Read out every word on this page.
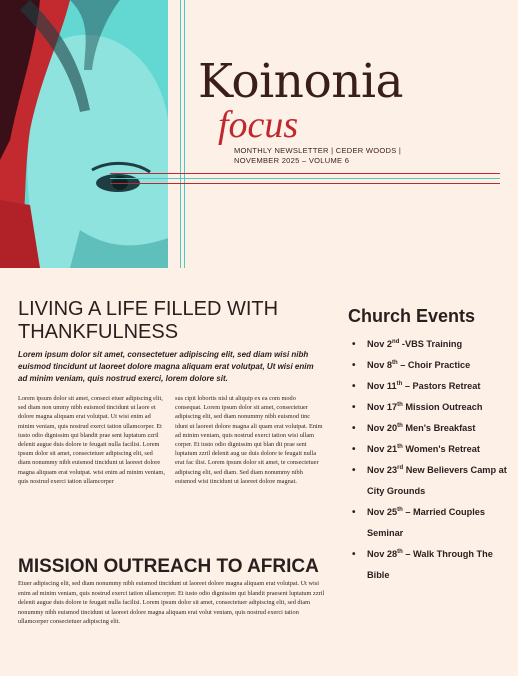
Koinonia
focus
MONTHLY NEWSLETTER | CEDER WOODS |
NOVEMBER 2025 – VOLUME 6
LIVING A LIFE FILLED WITH
THANKFULNESS

Lorem ipsum dolor sit amet, consectetuer adipiscing elit, sed diam wisi nibh euismod tincidunt ut laoreet dolore magna aliquam erat volutpat, Ut wisi enim ad minim veniam, quis nostrud exerci, lorem dolore sit.

Lorem ipsum dolor sit amet, consect etuer adipiscing elit, sed diam non ummy nibh euismod tincidunt ut laore et dolore magna aliquam erat volutpat. Ut wisi enim ad minim veniam, quis nostrud exerci tation ullamcorper. Et iusto odio dignissim qui blandit prae sent luptatum zzril delenit augue duis dolore te feugait nulla facilisi. Lorem ipsum dolor sit amet, consectetuer adipiscing elit, sed diam nonummy nibh euismod tincidunt ut laoreet dolore magna aliquam erat volutpat. wisi enim ad minim veniam, quis nostrud exerci tation ullamcorper

sus cipit lobortis nisl ut aliquip ex ea com modo consequat. Lorem ipsum dolor sit amet, consectetuer adipiscing elit, sed diam nonummy nibh euismod tinc idunt ut laoreet dolore magna ali quam erat volutpat. Enim ad minim veniam, quis nostrud exerci tation wisi ullam corper. Et iusto odio dignissim qui blan dit prae sent luptatum zzril delenit aug ue duis dolore te feugait nulla erat fac ilisi. Lorem ipsum dolor sit amet, te consectetuer adipiscing elit, sed diam. Sed diam nonummy nibh euismod wisi tincidunt ut laoreet dolore magnat.

MISSION OUTREACH TO AFRICA

Etuer adipiscing elit, sed diam nonummy nibh euismod tincidunt ut laoreet dolore magna aliquam erat volutpat. Ut wisi enim ad minim veniam, quis nostrud exerci tation ullamcorper. Et iusto odio dignissim qui blandit praesent luptatum zzril delenit augue duis dolore te feugait nulla facilisi. Lorem ipsum dolor sit amet, consectetuer adipiscing elit, sed diam nonummy nibh euismod tincidunt ut laoreet dolore magna aliquam erat volut veniam, quis nostrud exerci tation ullamcorper consectetuer adipiscing elit.

Church Events
• Nov 2nd -VBS Training
• Nov 8th – Choir Practice
• Nov 11th – Pastors Retreat
• Nov 17th Mission Outreach
• Nov 20th Men's Breakfast
• Nov 21th Women's Retreat
• Nov 23rd New Believers Camp at City Grounds
• Nov 25th – Married Couples Seminar
• Nov 28th – Walk Through The Bible
